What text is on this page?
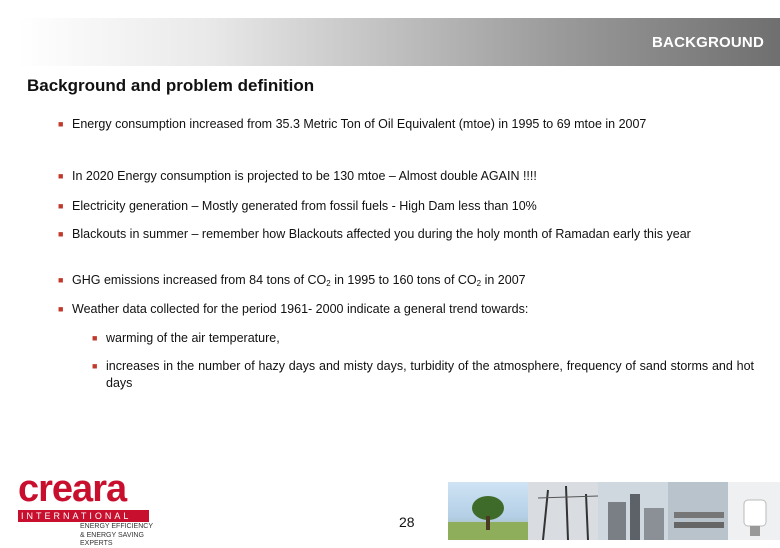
BACKGROUND
Background and problem definition
■ Energy consumption increased from 35.3 Metric Ton of Oil Equivalent (mtoe) in 1995 to 69 mtoe in 2007
■ In 2020 Energy consumption is projected to be 130 mtoe – Almost double AGAIN !!!!
■ Electricity generation – Mostly generated from fossil fuels - High Dam less than 10%
■ Blackouts in summer – remember how Blackouts affected you during the holy month of Ramadan early this year
■ GHG emissions increased from 84 tons of $CO_2$ in 1995 to 160 tons of $CO_2$ in 2007
■ Weather data collected for the period 1961- 2000 indicate a general trend towards:
■ warming of the air temperature,
■ increases in the number of hazy days and misty days, turbidity of the atmosphere, frequency of sand storms and hot days
creara
INTERNATIONAL
ENERGY EFFICIENCY
& ENERGY SAVING EXPERTS
28
